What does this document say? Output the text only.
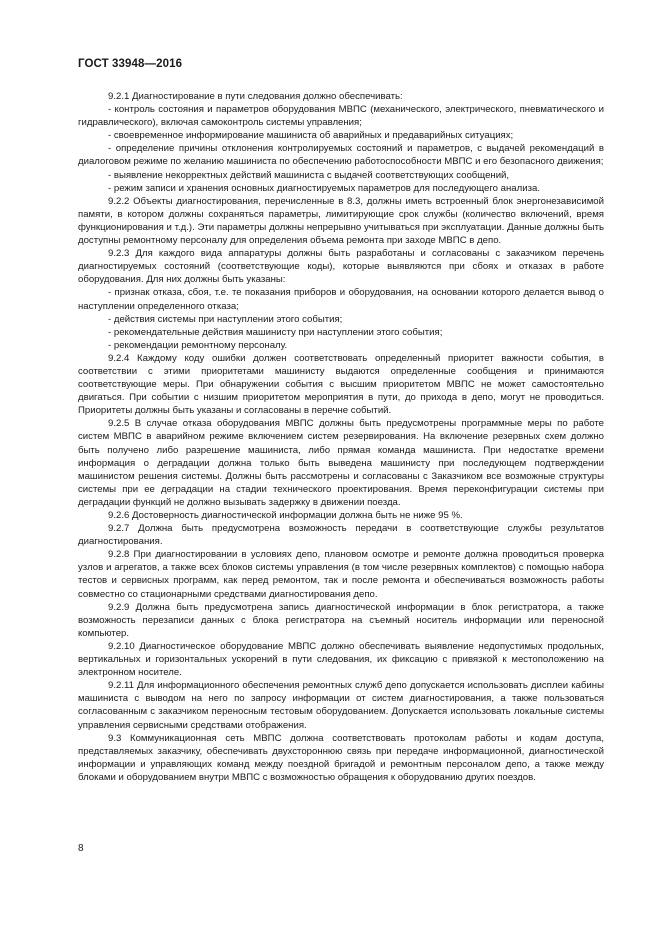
ГОСТ 33948—2016

9.2.1 Диагностирование в пути следования должно обеспечивать:

- контроль состояния и параметров оборудования МВПС (механического, электрического, пневматического и гидравлического), включая самоконтроль системы управления;

- своевременное информирование машиниста об аварийных и предаварийных ситуациях;

- определение причины отклонения контролируемых состояний и параметров, с выдачей рекомендаций в диалоговом режиме по желанию машиниста по обеспечению работоспособности МВПС и его безопасного движения;

- выявление некорректных действий машиниста с выдачей соответствующих сообщений,

- режим записи и хранения основных диагностируемых параметров для последующего анализа.

9.2.2 Объекты диагностирования, перечисленные в 8.3, должны иметь встроенный блок энергонезависимой памяти, в котором должны сохраняться параметры, лимитирующие срок службы (количество включений, время функционирования и т.д.). Эти параметры должны непрерывно учитываться при эксплуатации. Данные должны быть доступны ремонтному персоналу для определения объема ремонта при заходе МВПС в депо.

9.2.3 Для каждого вида аппаратуры должны быть разработаны и согласованы с заказчиком перечень диагностируемых состояний (соответствующие коды), которые выявляются при сбоях и отказах в работе оборудования. Для них должны быть указаны:

- признак отказа, сбоя, т.е. те показания приборов и оборудования, на основании которого делается вывод о наступлении определенного отказа;

- действия системы при наступлении этого события;

- рекомендательные действия машинисту при наступлении этого события;

- рекомендации ремонтному персоналу.

9.2.4 Каждому коду ошибки должен соответствовать определенный приоритет важности события, в соответствии с этими приоритетами машинисту выдаются определенные сообщения и принимаются соответствующие меры. При обнаружении события с высшим приоритетом МВПС не может самостоятельно двигаться. При событии с низшим приоритетом мероприятия в пути, до прихода в депо, могут не проводиться. Приоритеты должны быть указаны и согласованы в перечне событий.

9.2.5 В случае отказа оборудования МВПС должны быть предусмотрены программные меры по работе систем МВПС в аварийном режиме включением систем резервирования. На включение резервных схем должно быть получено либо разрешение машиниста, либо прямая команда машиниста. При недостатке времени информация о деградации должна только быть выведена машинисту при последующем подтверждении машинистом решения системы. Должны быть рассмотрены и согласованы с Заказчиком все возможные структуры системы при ее деградации на стадии технического проектирования. Время переконфигурации системы при деградации функций не должно вызывать задержку в движении поезда.

9.2.6 Достоверность диагностической информации должна быть не ниже 95 %.

9.2.7 Должна быть предусмотрена возможность передачи в соответствующие службы результатов диагностирования.

9.2.8 При диагностировании в условиях депо, плановом осмотре и ремонте должна проводиться проверка узлов и агрегатов, а также всех блоков системы управления (в том числе резервных комплектов) с помощью набора тестов и сервисных программ, как перед ремонтом, так и после ремонта и обеспечиваться возможность работы совместно со стационарными средствами диагностирования депо.

9.2.9 Должна быть предусмотрена запись диагностической информации в блок регистратора, а также возможность перезаписи данных с блока регистратора на съемный носитель информации или переносной компьютер.

9.2.10 Диагностическое оборудование МВПС должно обеспечивать выявление недопустимых продольных, вертикальных и горизонтальных ускорений в пути следования, их фиксацию с привязкой к местоположению на электронном носителе.

9.2.11 Для информационного обеспечения ремонтных служб депо допускается использовать дисплеи кабины машиниста с выводом на него по запросу информации от систем диагностирования, а также пользоваться согласованным с заказчиком переносным тестовым оборудованием. Допускается использовать локальные системы управления сервисными средствами отображения.

9.3 Коммуникационная сеть МВПС должна соответствовать протоколам работы и кодам доступа, представляемых заказчику, обеспечивать двухстороннюю связь при передаче информационной, диагностической информации и управляющих команд между поездной бригадой и ремонтным персоналом депо, а также между блоками и оборудованием внутри МВПС с возможностью обращения к оборудованию других поездов.

8
